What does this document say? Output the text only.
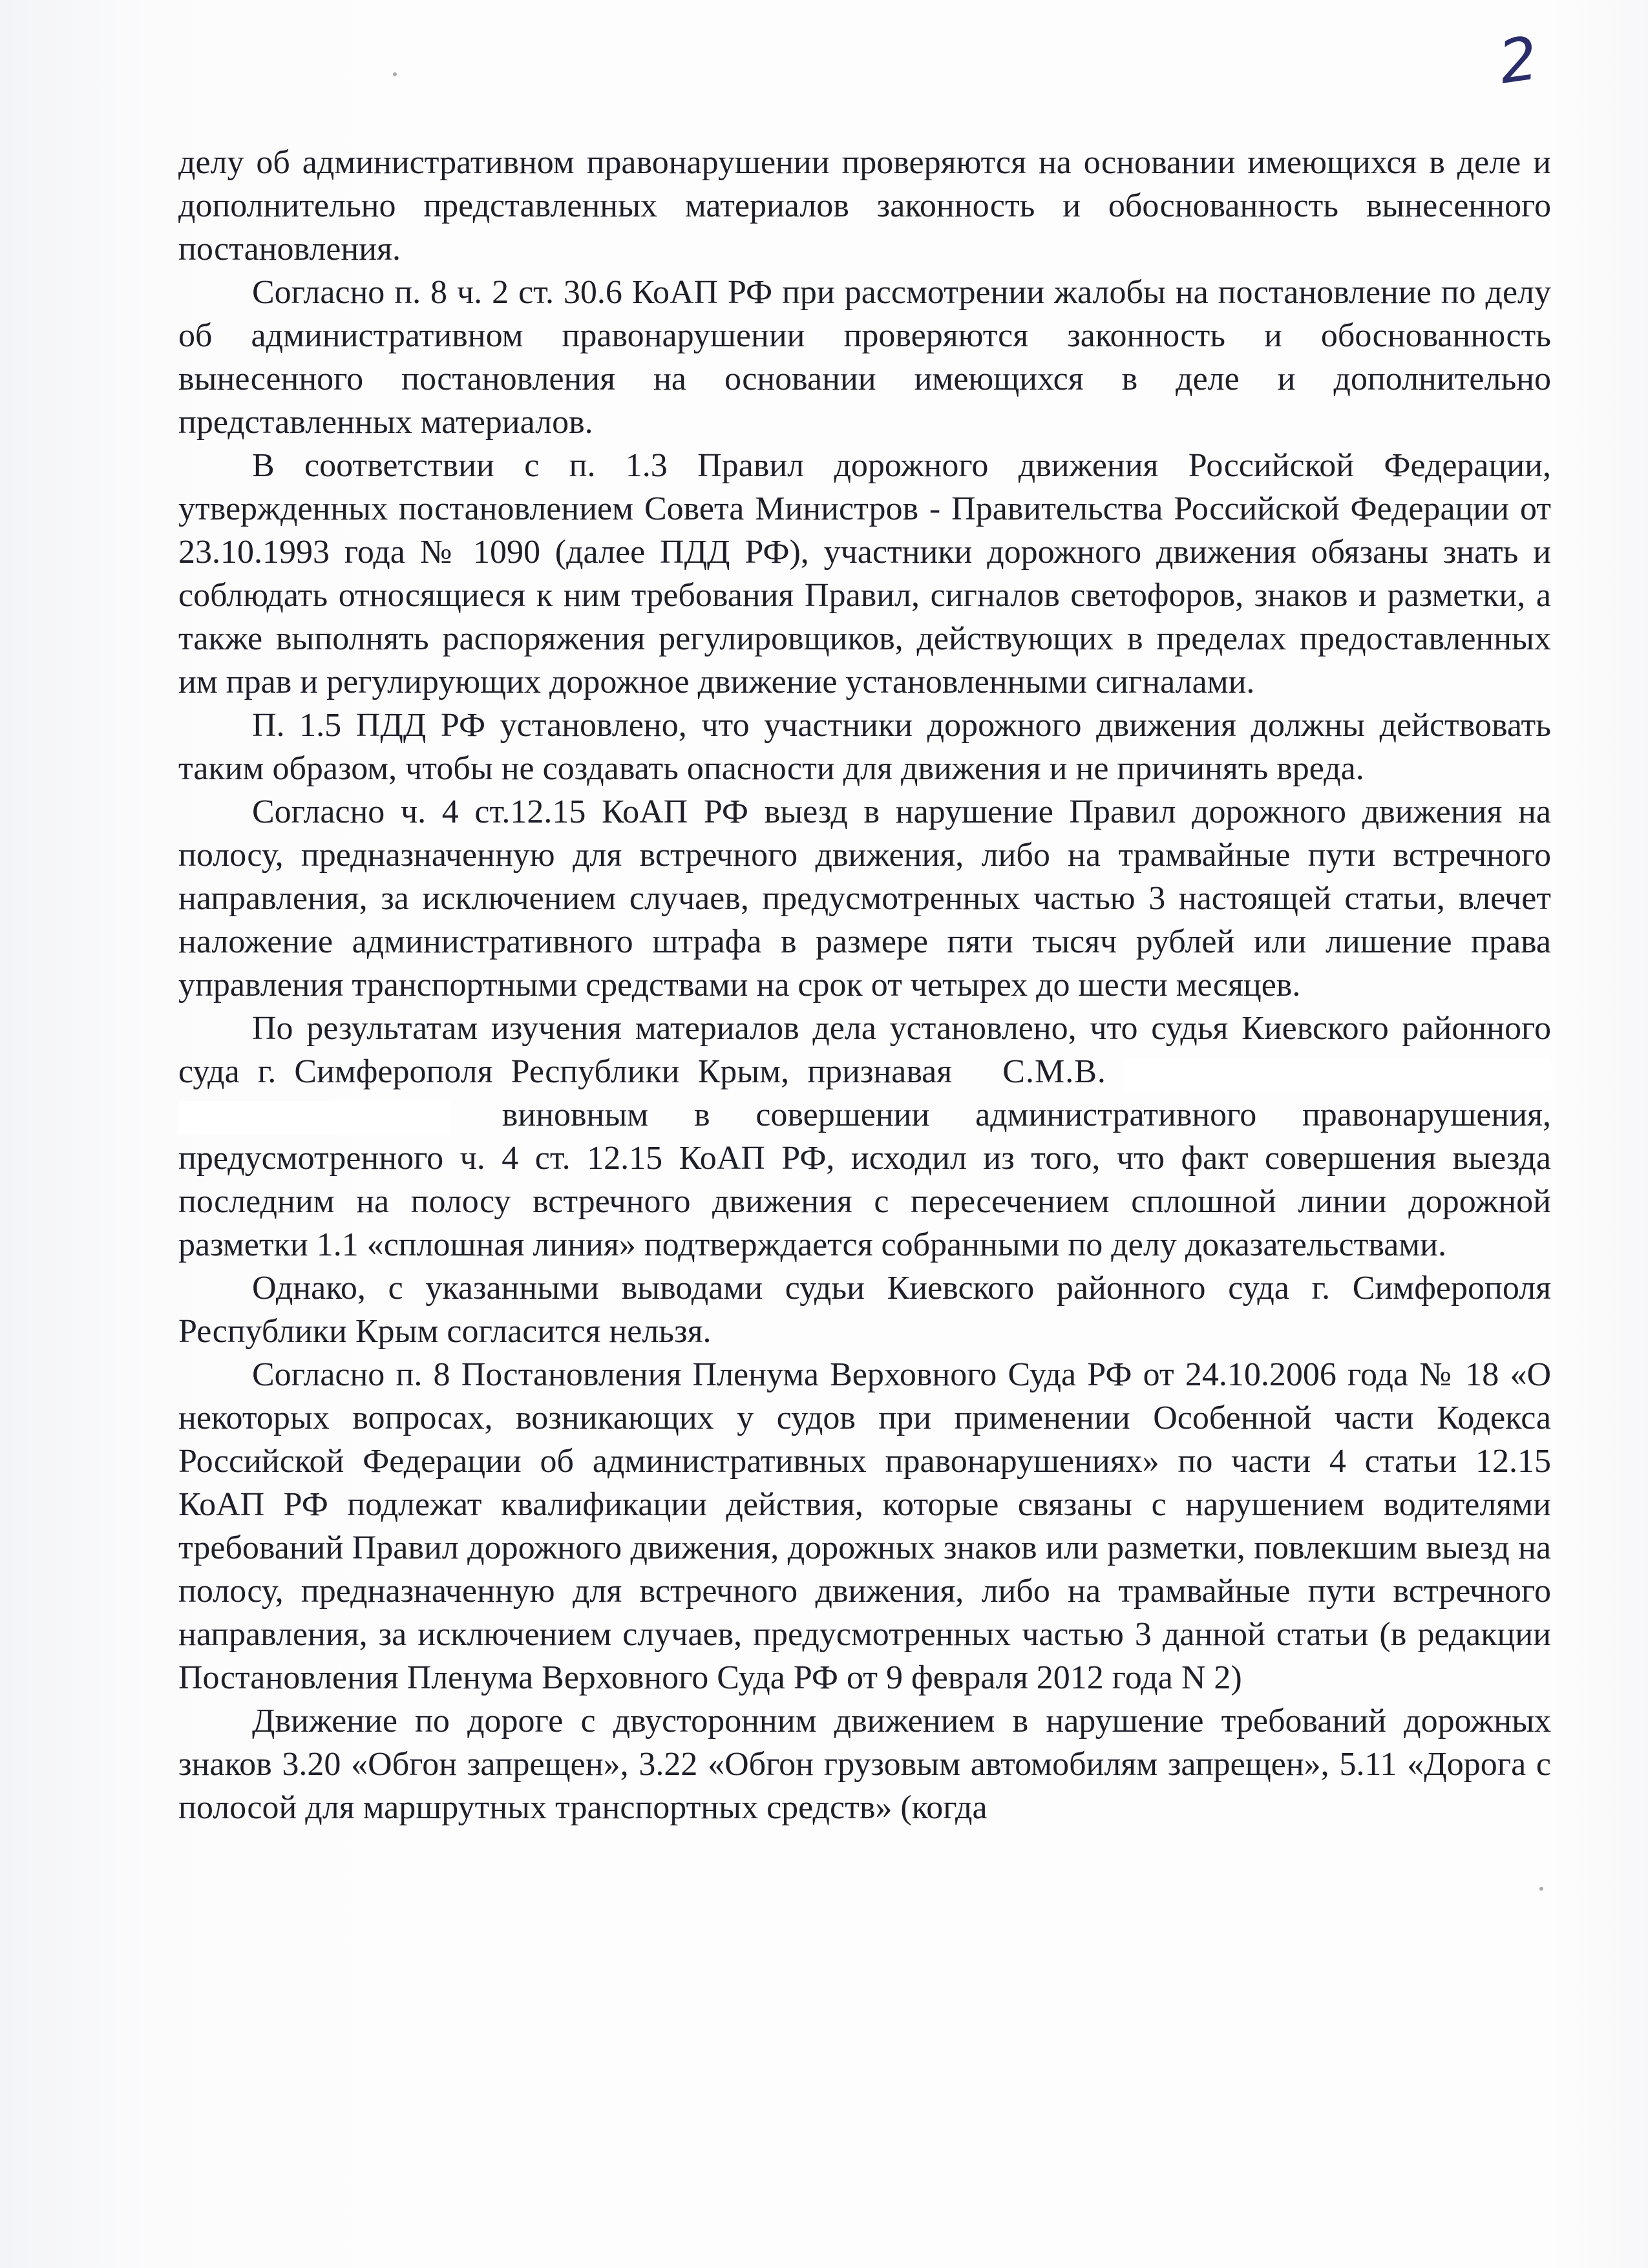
2

делу об административном правонарушении проверяются на основании имеющихся в деле и дополнительно представленных материалов законность и обоснованность вынесенного постановления.

Согласно п. 8 ч. 2 ст. 30.6 КоАП РФ при рассмотрении жалобы на постановление по делу об административном правонарушении проверяются законность и обоснованность вынесенного постановления на основании имеющихся в деле и дополнительно представленных материалов.

В соответствии с п. 1.3 Правил дорожного движения Российской Федерации, утвержденных постановлением Совета Министров - Правительства Российской Федерации от 23.10.1993 года № 1090 (далее ПДД РФ), участники дорожного движения обязаны знать и соблюдать относящиеся к ним требования Правил, сигналов светофоров, знаков и разметки, а также выполнять распоряжения регулировщиков, действующих в пределах предоставленных им прав и регулирующих дорожное движение установленными сигналами.

П. 1.5 ПДД РФ установлено, что участники дорожного движения должны действовать таким образом, чтобы не создавать опасности для движения и не причинять вреда.

Согласно ч. 4 ст.12.15 КоАП РФ выезд в нарушение Правил дорожного движения на полосу, предназначенную для встречного движения, либо на трамвайные пути встречного направления, за исключением случаев, предусмотренных частью 3 настоящей статьи, влечет наложение административного штрафа в размере пяти тысяч рублей или лишение права управления транспортными средствами на срок от четырех до шести месяцев.

По результатам изучения материалов дела установлено, что судья Киевского районного суда г. Симферополя Республики Крым, признавая С.М.В.   виновным в совершении административного правонарушения, предусмотренного ч. 4 ст. 12.15 КоАП РФ, исходил из того, что факт совершения выезда последним на полосу встречного движения с пересечением сплошной линии дорожной разметки 1.1 «сплошная линия» подтверждается собранными по делу доказательствами.

Однако, с указанными выводами судьи Киевского районного суда г. Симферополя Республики Крым согласится нельзя.

Согласно п. 8 Постановления Пленума Верховного Суда РФ от 24.10.2006 года № 18 «О некоторых вопросах, возникающих у судов при применении Особенной части Кодекса Российской Федерации об административных правонарушениях» по части 4 статьи 12.15 КоАП РФ подлежат квалификации действия, которые связаны с нарушением водителями требований Правил дорожного движения, дорожных знаков или разметки, повлекшим выезд на полосу, предназначенную для встречного движения, либо на трамвайные пути встречного направления, за исключением случаев, предусмотренных частью 3 данной статьи (в редакции Постановления Пленума Верховного Суда РФ от 9 февраля 2012 года N 2)

Движение по дороге с двусторонним движением в нарушение требований дорожных знаков 3.20 «Обгон запрещен», 3.22 «Обгон грузовым автомобилям запрещен», 5.11 «Дорога с полосой для маршрутных транспортных средств» (когда
